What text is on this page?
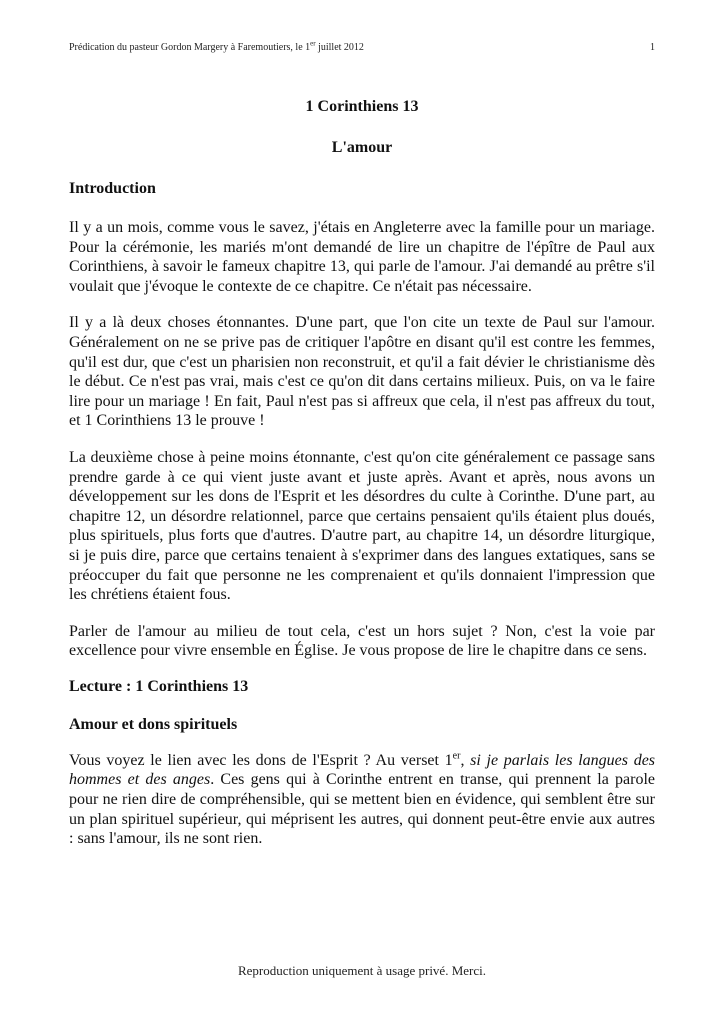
Prédication du pasteur Gordon Margery à Faremoutiers, le 1er juillet 2012	1
1 Corinthiens 13
L'amour
Introduction

Il y a un mois, comme vous le savez, j'étais en Angleterre avec la famille pour un mariage. Pour la cérémonie, les mariés m'ont demandé de lire un chapitre de l'épître de Paul aux Corinthiens, à savoir le fameux chapitre 13, qui parle de l'amour. J'ai demandé au prêtre s'il voulait que j'évoque le contexte de ce chapitre. Ce n'était pas nécessaire.

Il y a là deux choses étonnantes. D'une part, que l'on cite un texte de Paul sur l'amour. Généralement on ne se prive pas de critiquer l'apôtre en disant qu'il est contre les femmes, qu'il est dur, que c'est un pharisien non reconstruit, et qu'il a fait dévier le christianisme dès le début. Ce n'est pas vrai, mais c'est ce qu'on dit dans certains milieux. Puis, on va le faire lire pour un mariage ! En fait, Paul n'est pas si affreux que cela, il n'est pas affreux du tout, et 1 Corinthiens 13 le prouve !

La deuxième chose à peine moins étonnante, c'est qu'on cite généralement ce passage sans prendre garde à ce qui vient juste avant et juste après. Avant et après, nous avons un développement sur les dons de l'Esprit et les désordres du culte à Corinthe. D'une part, au chapitre 12, un désordre relationnel, parce que certains pensaient qu'ils étaient plus doués, plus spirituels, plus forts que d'autres. D'autre part, au chapitre 14, un désordre liturgique, si je puis dire, parce que certains tenaient à s'exprimer dans des langues extatiques, sans se préoccuper du fait que personne ne les comprenaient et qu'ils donnaient l'impression que les chrétiens étaient fous.

Parler de l'amour au milieu de tout cela, c'est un hors sujet ? Non, c'est la voie par excellence pour vivre ensemble en Église. Je vous propose de lire le chapitre dans ce sens.

Lecture : 1 Corinthiens 13
Amour et dons spirituels

Vous voyez le lien avec les dons de l'Esprit ? Au verset 1er, si je parlais les langues des hommes et des anges. Ces gens qui à Corinthe entrent en transe, qui prennent la parole pour ne rien dire de compréhensible, qui se mettent bien en évidence, qui semblent être sur un plan spirituel supérieur, qui méprisent les autres, qui donnent peut-être envie aux autres : sans l'amour, ils ne sont rien.

Reproduction uniquement à usage privé. Merci.
